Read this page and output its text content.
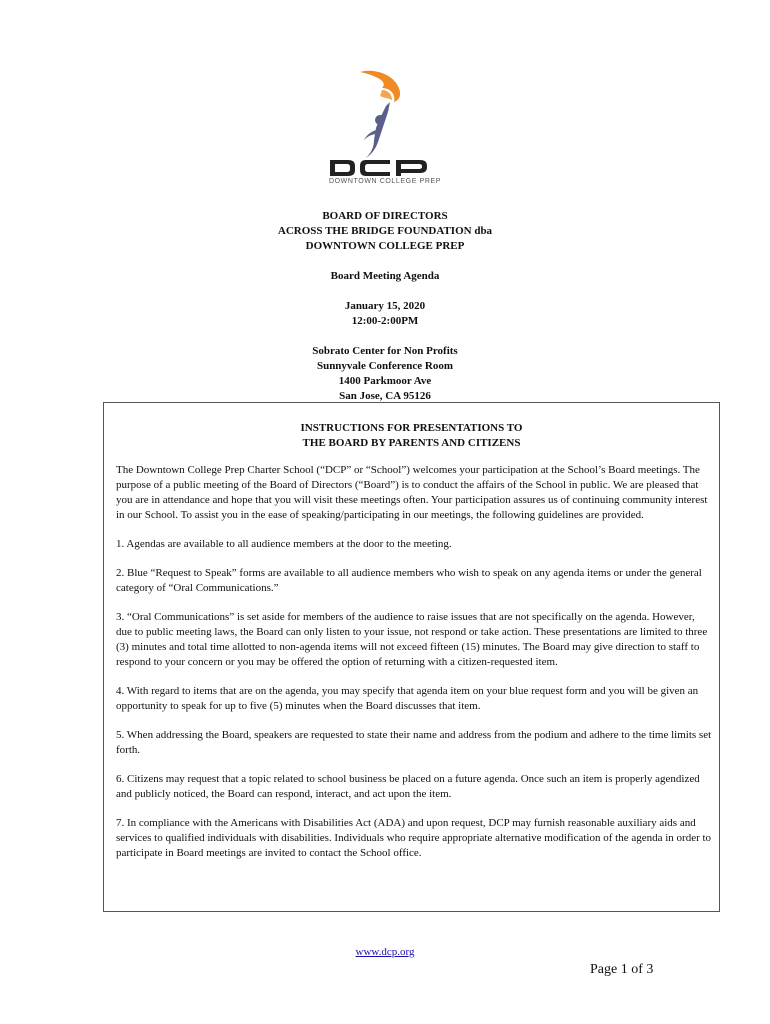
DOWNTOWN COLLEGE PREP
BOARD OF DIRECTORS
ACROSS THE BRIDGE FOUNDATION dba
DOWNTOWN COLLEGE PREP
Board Meeting Agenda
January 15, 2020
12:00-2:00PM
Sobrato Center for Non Profits
Sunnyvale Conference Room
1400 Parkmoor Ave
San Jose, CA 95126
INSTRUCTIONS FOR PRESENTATIONS TO
THE BOARD BY PARENTS AND CITIZENS

The Downtown College Prep Charter School (“DCP” or “School”) welcomes your participation at the School’s Board meetings. The purpose of a public meeting of the Board of Directors (“Board”) is to conduct the affairs of the School in public. We are pleased that you are in attendance and hope that you will visit these meetings often. Your participation assures us of continuing community interest in our School. To assist you in the ease of speaking/participating in our meetings, the following guidelines are provided.

1. Agendas are available to all audience members at the door to the meeting.

2. Blue “Request to Speak” forms are available to all audience members who wish to speak on any agenda items or under the general category of “Oral Communications.”

3. “Oral Communications” is set aside for members of the audience to raise issues that are not specifically on the agenda. However, due to public meeting laws, the Board can only listen to your issue, not respond or take action. These presentations are limited to three (3) minutes and total time allotted to non-agenda items will not exceed fifteen (15) minutes. The Board may give direction to staff to respond to your concern or you may be offered the option of returning with a citizen-requested item.

4. With regard to items that are on the agenda, you may specify that agenda item on your blue request form and you will be given an opportunity to speak for up to five (5) minutes when the Board discusses that item.

5. When addressing the Board, speakers are requested to state their name and address from the podium and adhere to the time limits set forth.

6. Citizens may request that a topic related to school business be placed on a future agenda. Once such an item is properly agendized and publicly noticed, the Board can respond, interact, and act upon the item.

7. In compliance with the Americans with Disabilities Act (ADA) and upon request, DCP may furnish reasonable auxiliary aids and services to qualified individuals with disabilities. Individuals who require appropriate alternative modification of the agenda in order to participate in Board meetings are invited to contact the School office.

www.dcp.org
Page 1 of 3
